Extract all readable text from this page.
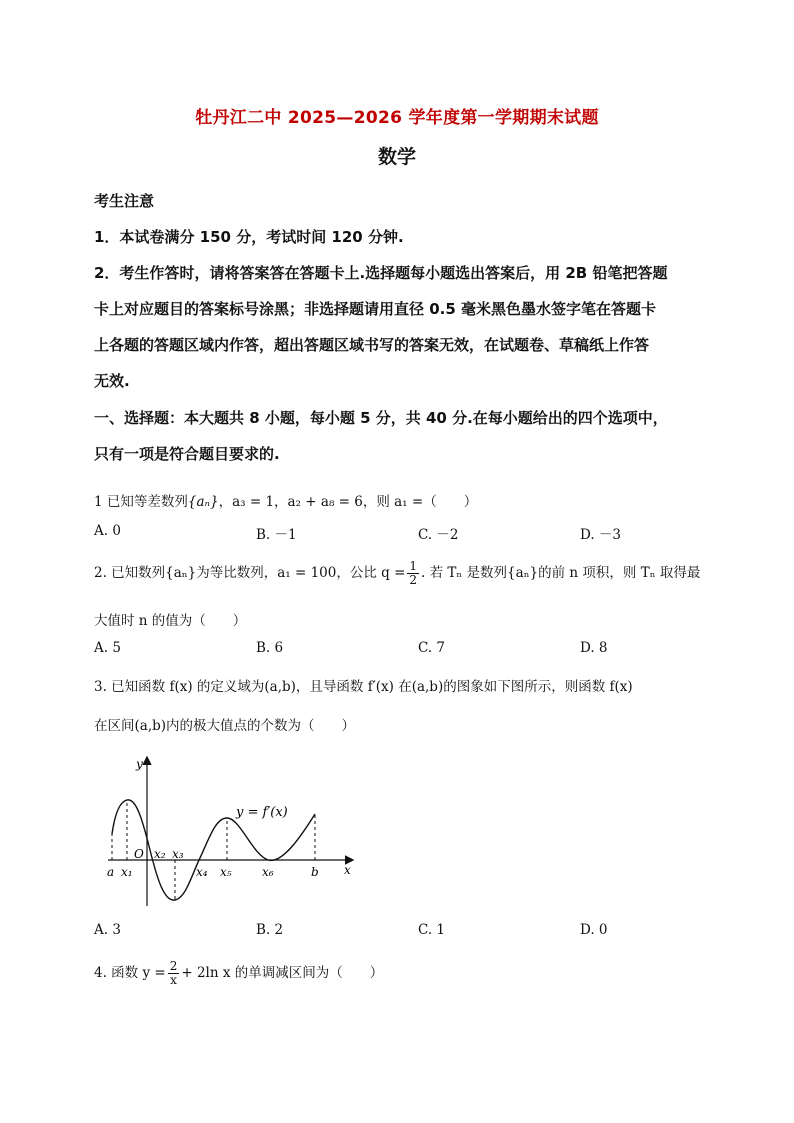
牡丹江二中 2025—2026 学年度第一学期期末试题
数学
考生注意
1．本试卷满分 150 分，考试时间 120 分钟.
2．考生作答时，请将答案答在答题卡上.选择题每小题选出答案后，用 2B 铅笔把答题
卡上对应题目的答案标号涂黑；非选择题请用直径 0.5 毫米黑色墨水签字笔在答题卡
上各题的答题区域内作答，超出答题区域书写的答案无效，在试题卷、草稿纸上作答
无效.
一、选择题：本大题共 8 小题，每小题 5 分，共 40 分.在每小题给出的四个选项中，
只有一项是符合题目要求的.
1 已知等差数列{aₙ}，a₃ = 1，a₂ + a₈ = 6，则 a₁ =（　　）
A. 0	B. －1	C. －2	D. －3
2. 已知数列{aₙ}为等比数列，a₁ = 100，公比 $q = \frac{1}{2}$ . 若 Tₙ 是数列{aₙ}的前 n 项积，则 Tₙ 取得最
大值时 n 的值为（　　）
A. 5	B. 6	C. 7	D. 8
3. 已知函数 f(x) 的定义域为(a,b)，且导函数 f′(x) 在(a,b)的图象如下图所示，则函数 f(x)
在区间(a,b)内的极大值点的个数为（　　）
y
x
O
y = f′(x)
a x₁
x₂ x₃
x₄ x₅	x₆	b
A. 3	B. 2	C. 1	D. 0
4. 函数 $y = \frac{2}{x} + 2\ln$ x 的单调减区间为（　　）
